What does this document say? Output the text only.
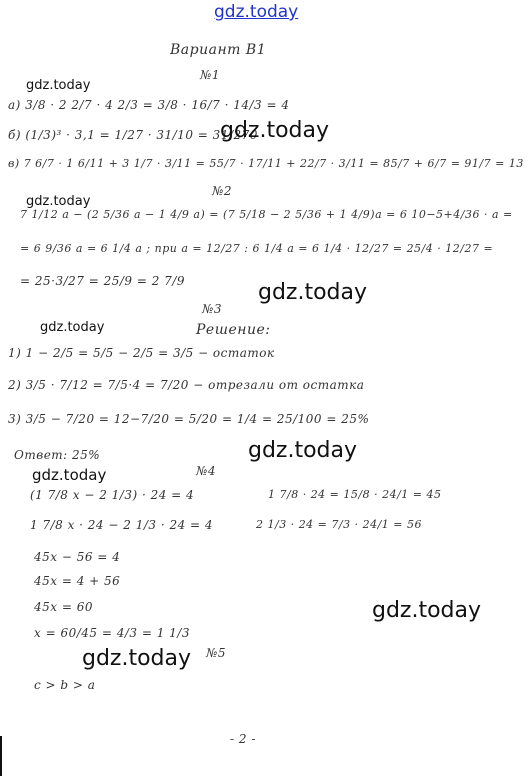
gdz.today
Вариант В1
№1
gdz.today
а) 3/8 · 2 2/7 · 4 2/3 = 3/8 · 16/7 · 14/3 = 4
б) (1/3)³ · 3,1 = 1/27 · 31/10 = 31/270
gdz.today
в) 7 6/7 · 1 6/11 + 3 1/7 · 3/11 = 55/7 · 17/11 + 22/7 · 3/11 = 85/7 + 6/7 = 91/7 = 13
№2
gdz.today
7 1/12 a − (2 5/36 a − 1 4/9 a) = (7 5/18 − 2 5/36 + 1 4/9)a = 6 10−5+4/36 · a =
= 6 9/36 a = 6 1/4 a ; при a = 12/27 : 6 1/4 a = 6 1/4 · 12/27 = 25/4 · 12/27 =
= 25·3/27 = 25/9 = 2 7/9	gdz.today
№3
gdz.today	Решение:
1) 1 − 2/5 = 5/5 − 2/5 = 3/5 − остаток
2) 3/5 · 7/12 = 7/5·4 = 7/20 − отрезали от остатка
3) 3/5 − 7/20 = 12−7/20 = 5/20 = 1/4 = 25/100 = 25%
Ответ: 25%	gdz.today
gdz.today	№4
(1 7/8 x − 2 1/3) · 24 = 4	1 7/8 · 24 = 15/8 · 24/1 = 45
1 7/8 x · 24 − 2 1/3 · 24 = 4	2 1/3 · 24 = 7/3 · 24/1 = 56
45x − 56 = 4
45x = 4 + 56
45x = 60	gdz.today
x = 60/45 = 4/3 = 1 1/3
gdz.today №5
c > b > a
- 2 -
